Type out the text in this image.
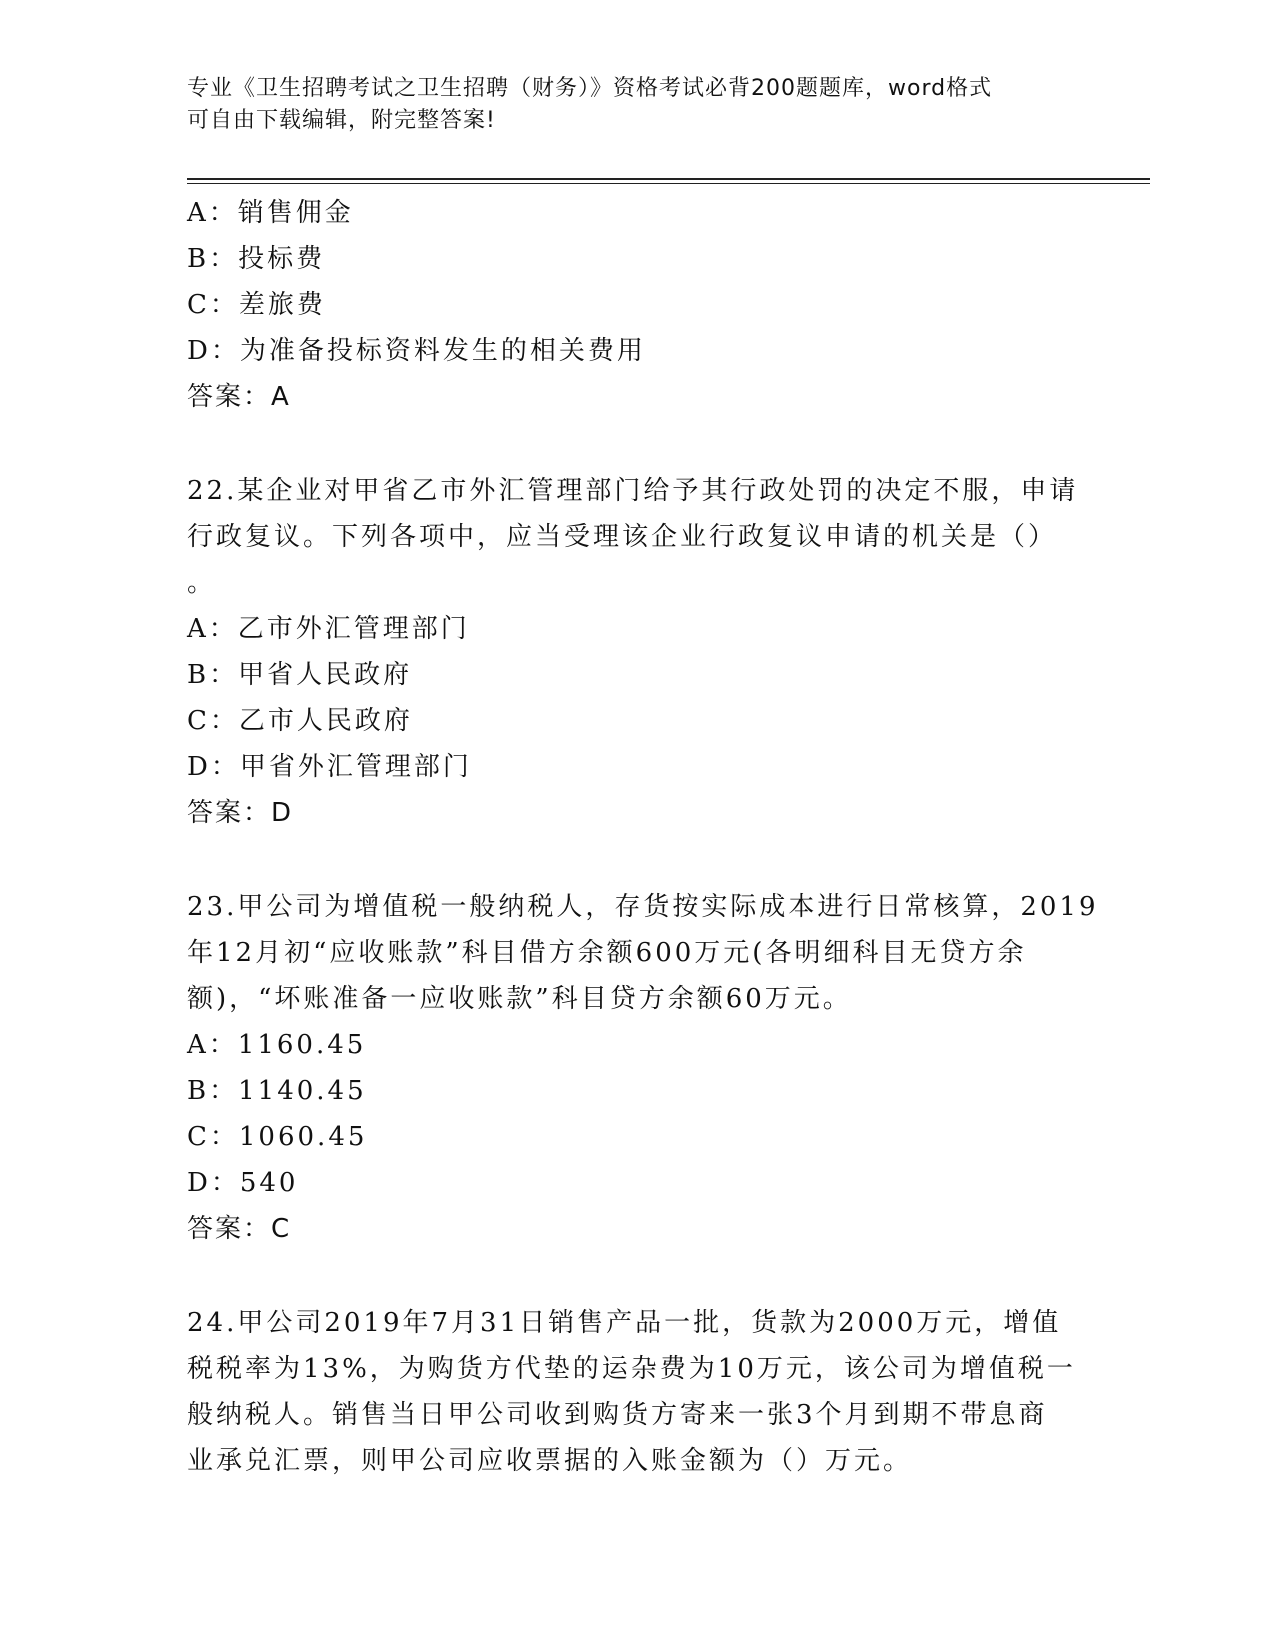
专业《卫生招聘考试之卫生招聘（财务）》资格考试必背200题题库，word格式
可自由下载编辑，附完整答案!
A：销售佣金
B：投标费
C：差旅费
D：为准备投标资料发生的相关费用
答案：A
22.某企业对甲省乙市外汇管理部门给予其行政处罚的决定不服，申请
行政复议。下列各项中，应当受理该企业行政复议申请的机关是（）
。
A：乙市外汇管理部门
B：甲省人民政府
C：乙市人民政府
D：甲省外汇管理部门
答案：D
23.甲公司为增值税一般纳税人，存货按实际成本进行日常核算，2019
年12月初“应收账款”科目借方余额600万元(各明细科目无贷方余
额)，“坏账准备一应收账款”科目贷方余额60万元。
A：1160.45
B：1140.45
C：1060.45
D：540
答案：C
24.甲公司2019年7月31日销售产品一批，货款为2000万元，增值
税税率为13%，为购货方代垫的运杂费为10万元，该公司为增值税一
般纳税人。销售当日甲公司收到购货方寄来一张3个月到期不带息商
业承兑汇票，则甲公司应收票据的入账金额为（）万元。
